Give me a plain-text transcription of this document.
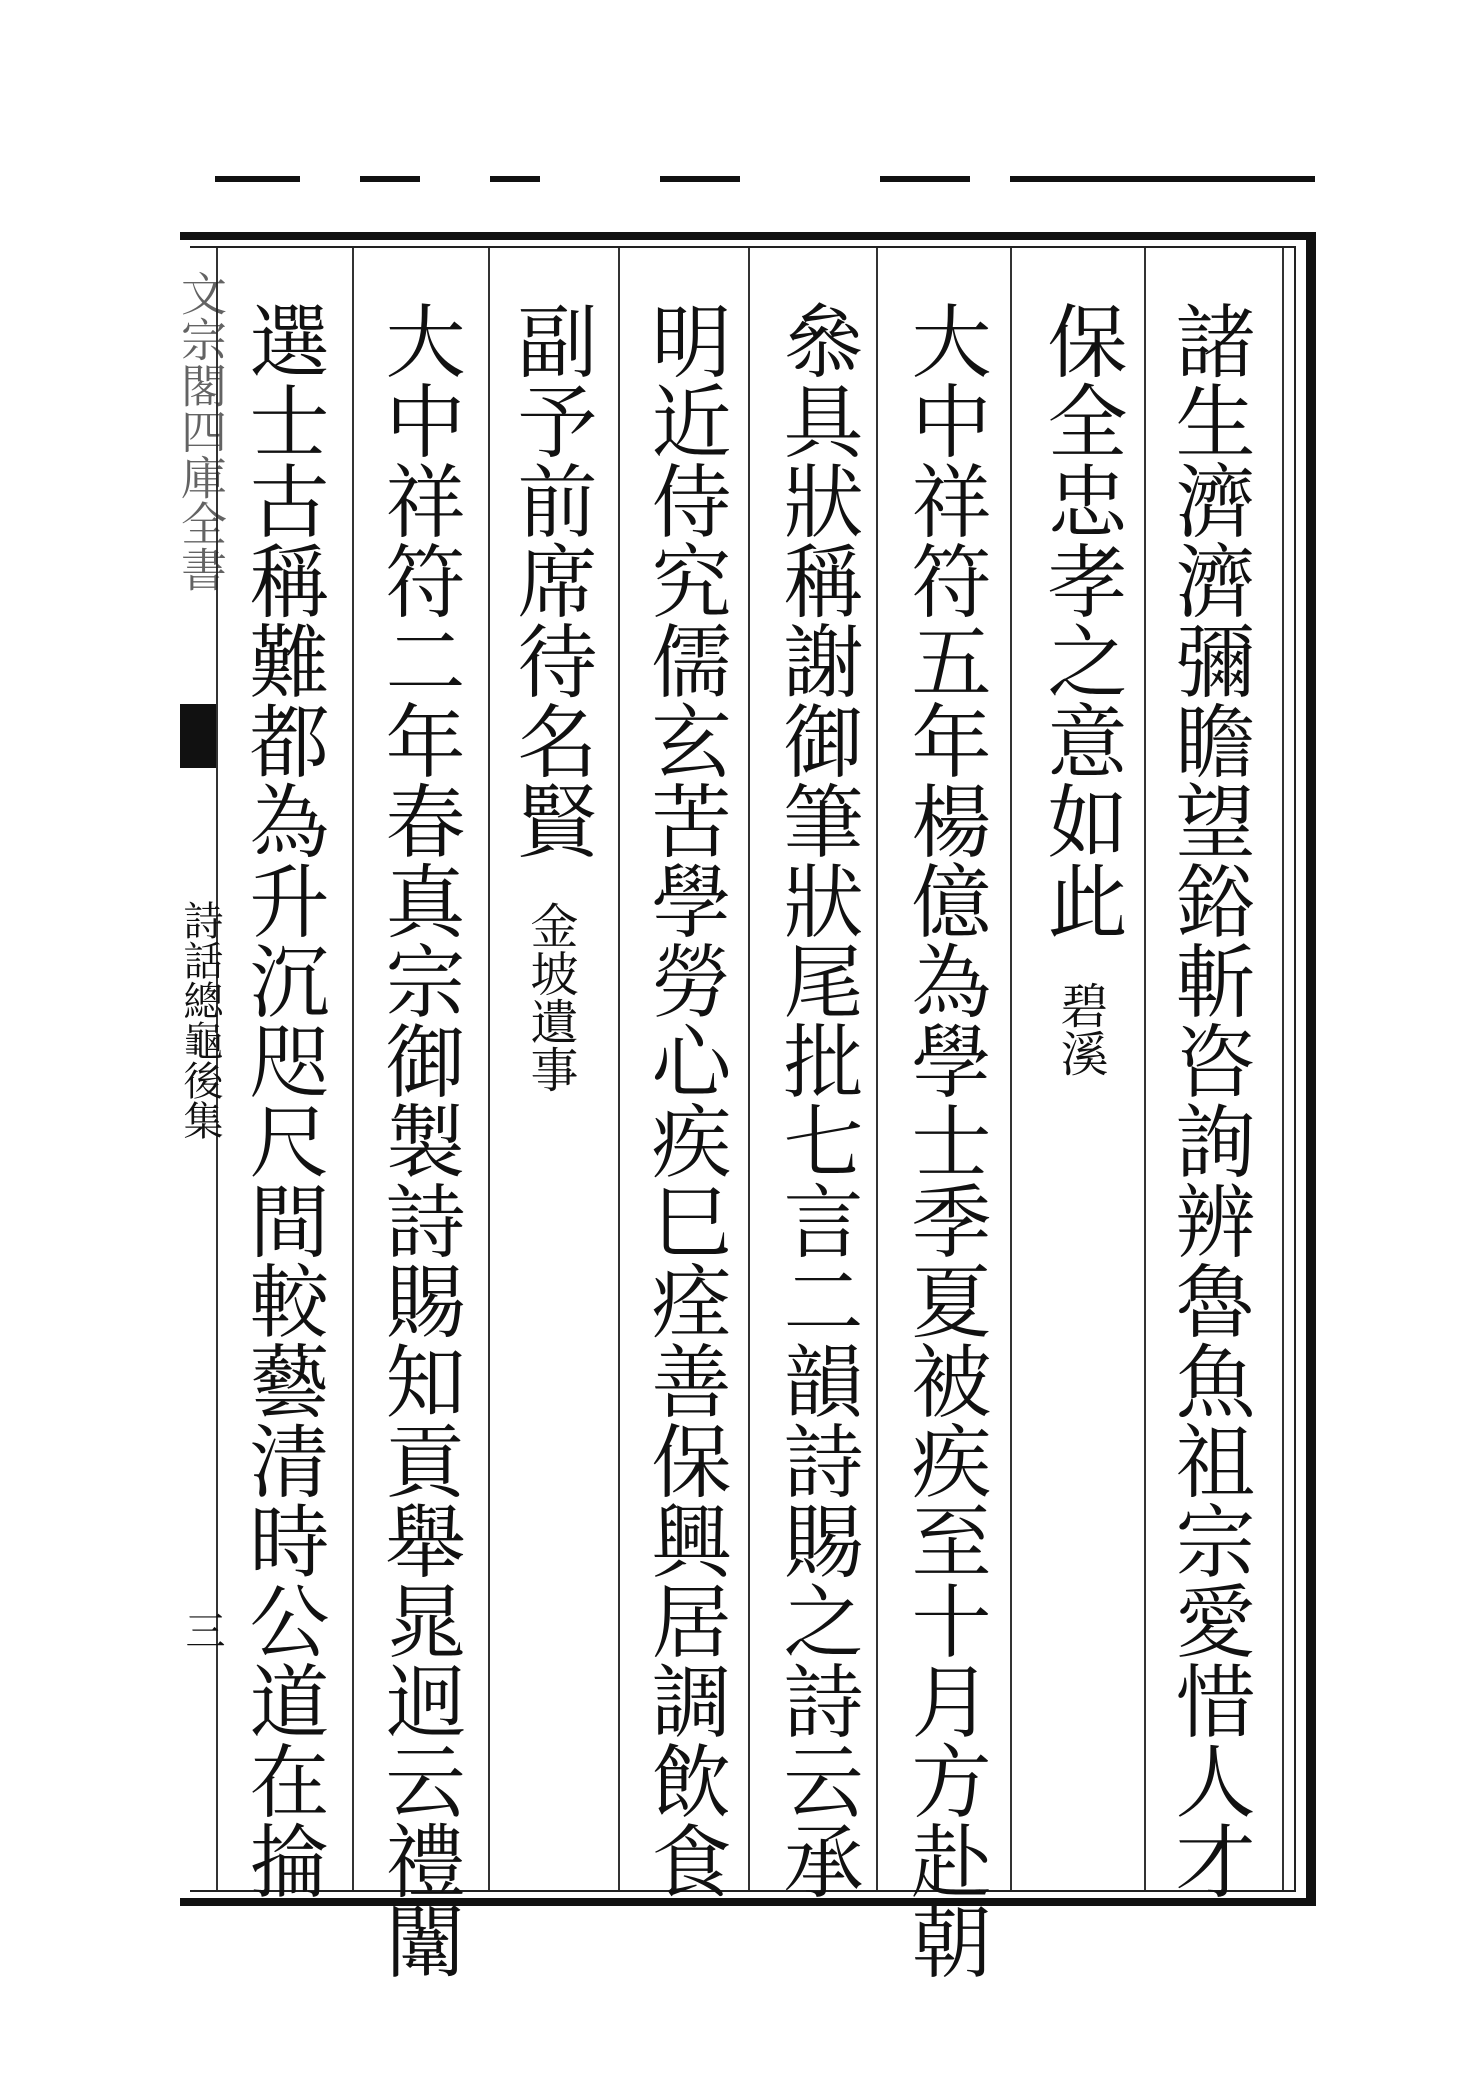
文宗閣四庫全書
詩話總龜後集
三	諸生濟濟彌瞻望鋊斬咨詢辨魯魚祖宗愛惜人才
保全忠孝之意如此 碧溪
大中祥符五年楊億為學士季夏被疾至十月方赴朝
叅具狀稱謝御筆狀尾批七言二韻詩賜之詩云承
明近侍究儒玄苦學勞心疾巳痊善保興居調飲食
副予前席待名賢 金坡遺事
大中祥符二年春真宗御製詩賜知貢舉晁迥云禮闈
選士古稱難都為升沉咫尺間較藝清時公道在掄
